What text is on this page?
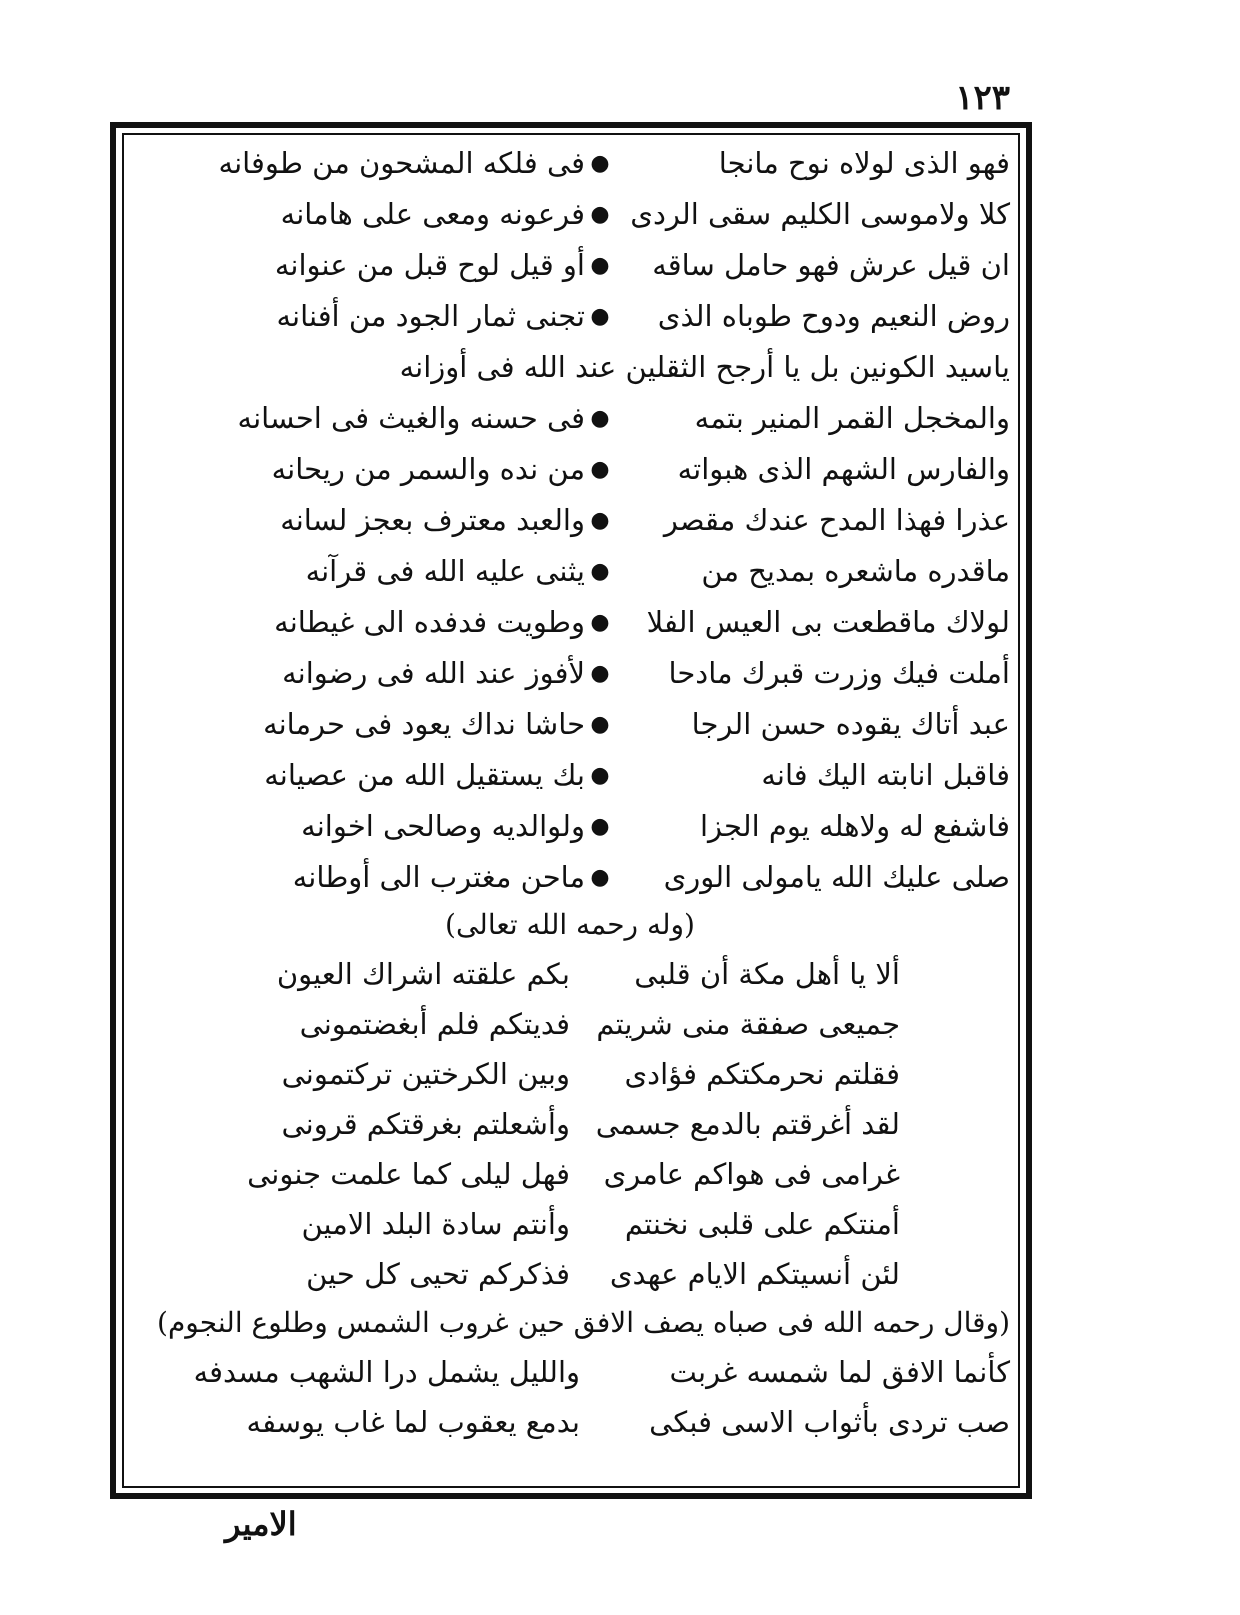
١٢٣
فهو الذى لولاه نوح مانجا
●
فى فلكه المشحون من طوفانه
كلا ولاموسى الكليم سقى الردى
●
فرعونه ومعى على هامانه
ان قيل عرش فهو حامل ساقه
●
أو قيل لوح قبل من عنوانه
روض النعيم ودوح طوباه الذى
●
تجنى ثمار الجود من أفنانه
ياسيد الكونين بل يا أرجح الثقلين عند الله فى أوزانه
والمخجل القمر المنير بتمه
●
فى حسنه والغيث فى احسانه
والفارس الشهم الذى هبواته
●
من نده والسمر من ريحانه
عذرا فهذا المدح عندك مقصر
●
والعبد معترف بعجز لسانه
ماقدره ماشعره بمديح من
●
يثنى عليه الله فى قرآنه
لولاك ماقطعت بى العيس الفلا
●
وطويت فدفده الى غيطانه
أملت فيك وزرت قبرك مادحا
●
لأفوز عند الله فى رضوانه
عبد أتاك يقوده حسن الرجا
●
حاشا نداك يعود فى حرمانه
فاقبل انابته اليك فانه
●
بك يستقيل الله من عصيانه
فاشفع له ولاهله يوم الجزا
●
ولوالديه وصالحى اخوانه
صلى عليك الله يامولى الورى
●
ماحن مغترب الى أوطانه
(وله رحمه الله تعالى)
ألا يا أهل مكة أن قلبى
بكم علقته اشراك العيون
جميعى صفقة منى شريتم
فديتكم فلم أبغضتمونى
فقلتم نحرمكتكم فؤادى
وبين الكرختين تركتمونى
لقد أغرقتم بالدمع جسمى
وأشعلتم بغرقتكم قرونى
غرامى فى هواكم عامرى
فهل ليلى كما علمت جنونى
أمنتكم على قلبى نخنتم
وأنتم سادة البلد الامين
لئن أنسيتكم الايام عهدى
فذكركم تحيى كل حين
(وقال رحمه الله فى صباه يصف الافق حين غروب الشمس وطلوع النجوم)
كأنما الافق لما شمسه غربت
والليل يشمل درا الشهب مسدفه
صب تردى بأثواب الاسى فبكى
بدمع يعقوب لما غاب يوسفه
الامير
